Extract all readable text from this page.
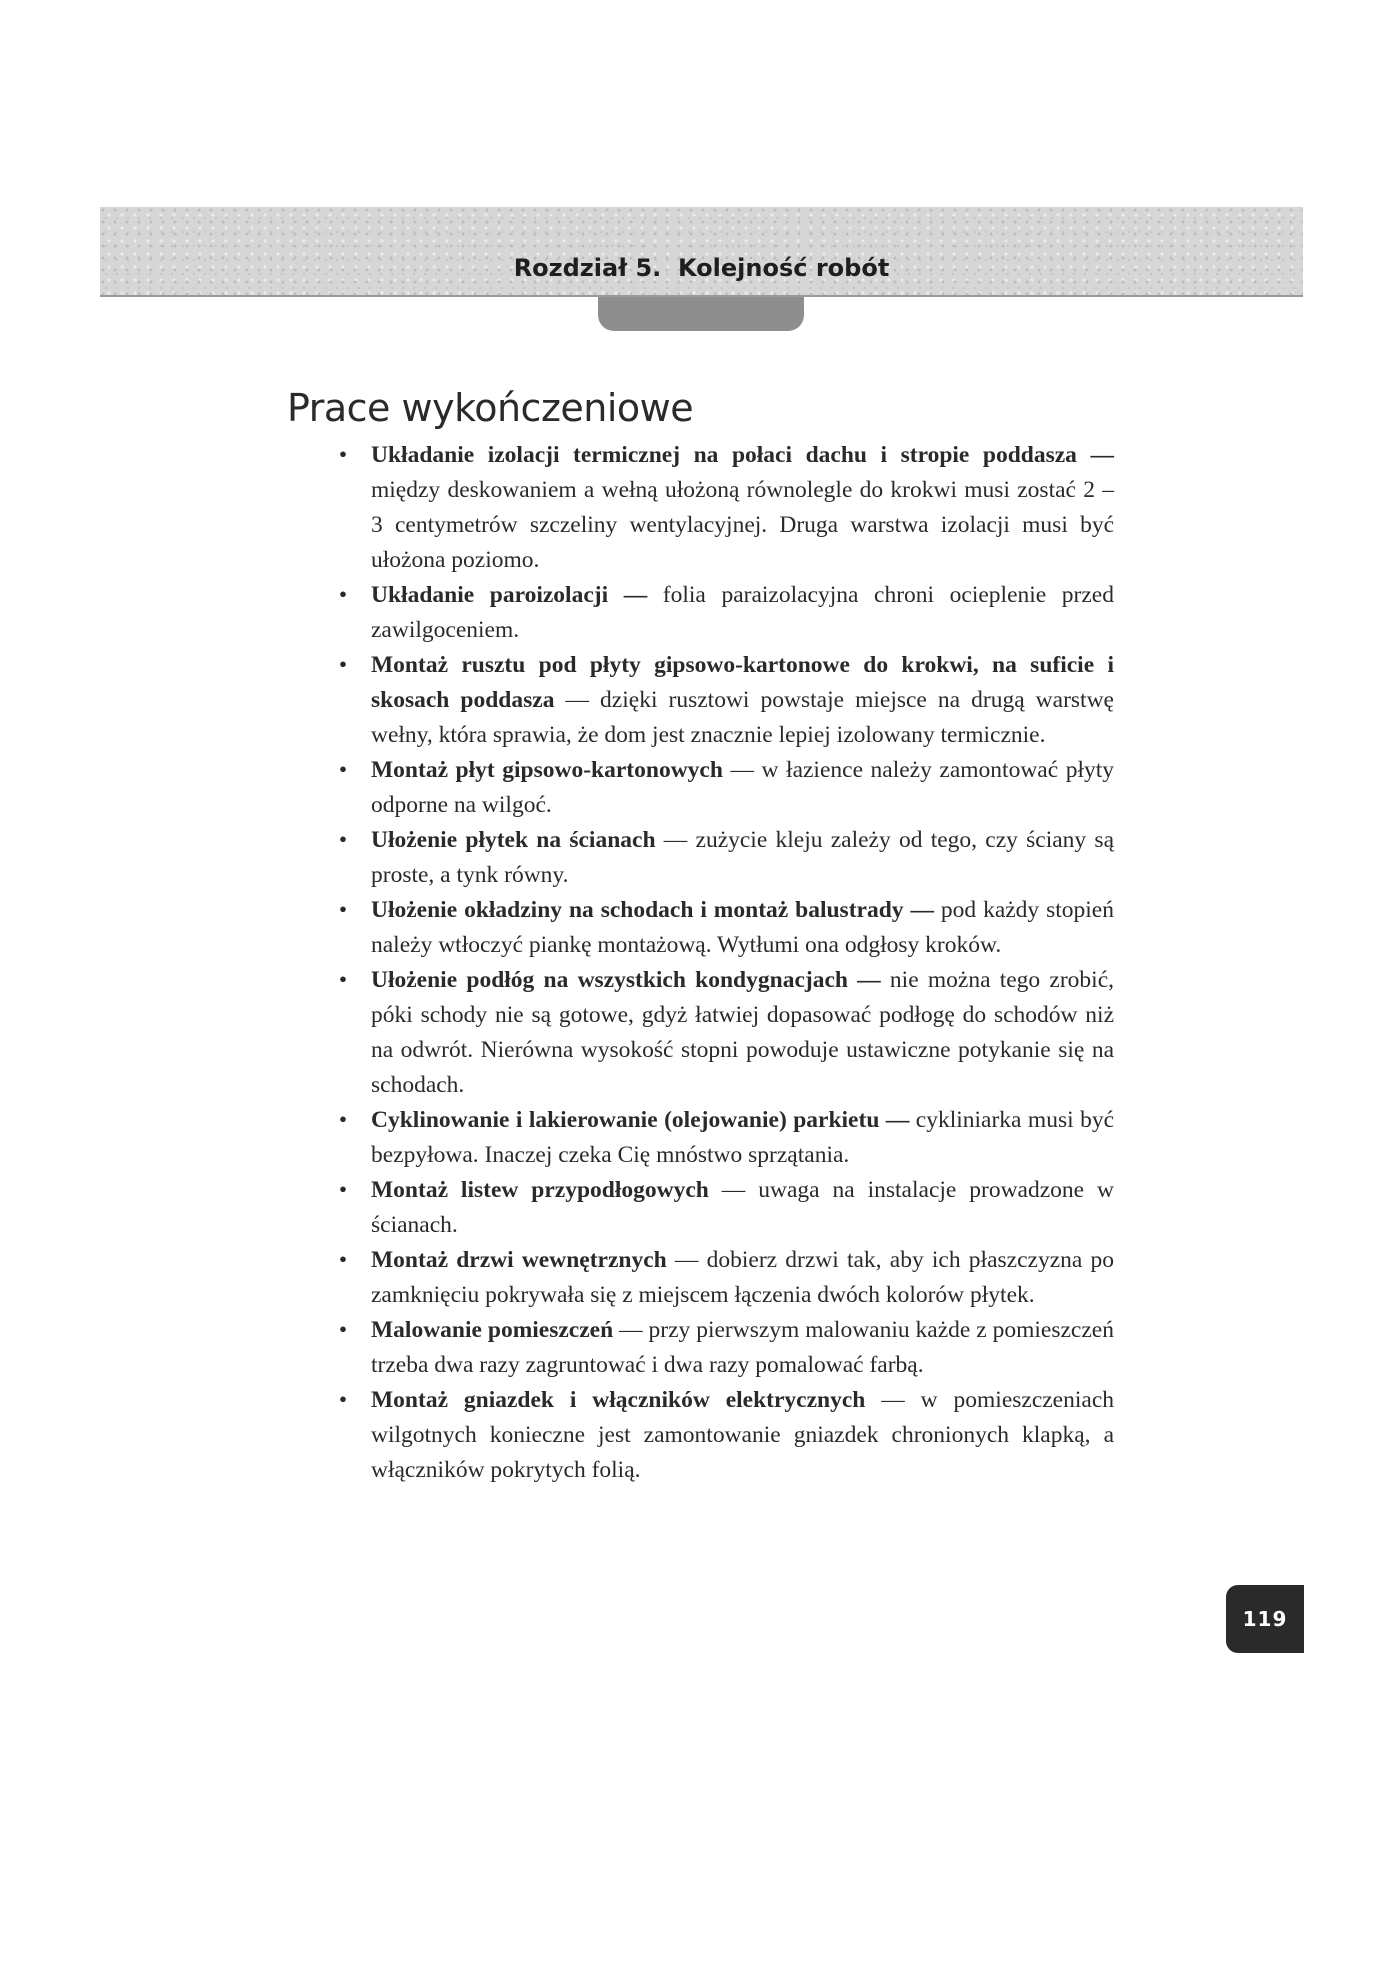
Rozdział 5.  Kolejność robót
Prace wykończeniowe
• Układanie izolacji termicznej na połaci dachu i stropie poddasza — między deskowaniem a wełną ułożoną równolegle do krokwi musi zostać 2 – 3 centymetrów szczeliny wentylacyjnej. Druga warstwa izolacji musi być ułożona poziomo.
• Układanie paroizolacji — folia paraizolacyjna chroni ocieplenie przed zawilgoceniem.
• Montaż rusztu pod płyty gipsowo-kartonowe do krokwi, na suficie i skosach poddasza — dzięki rusztowi powstaje miejsce na drugą warstwę wełny, która sprawia, że dom jest znacznie lepiej izolowany termicznie.
• Montaż płyt gipsowo-kartonowych — w łazience należy zamontować płyty odporne na wilgoć.
• Ułożenie płytek na ścianach — zużycie kleju zależy od tego, czy ściany są proste, a tynk równy.
• Ułożenie okładziny na schodach i montaż balustrady — pod każdy stopień należy wtłoczyć piankę montażową. Wytłumi ona odgłosy kroków.
• Ułożenie podłóg na wszystkich kondygnacjach — nie można tego zrobić, póki schody nie są gotowe, gdyż łatwiej dopasować podłogę do schodów niż na odwrót. Nierówna wysokość stopni powoduje ustawiczne potykanie się na schodach.
• Cyklinowanie i lakierowanie (olejowanie) parkietu — cykliniarka musi być bezpyłowa. Inaczej czeka Cię mnóstwo sprzątania.
• Montaż listew przypodłogowych — uwaga na instalacje prowadzone w ścianach.
• Montaż drzwi wewnętrznych — dobierz drzwi tak, aby ich płaszczyzna po zamknięciu pokrywała się z miejscem łączenia dwóch kolorów płytek.
• Malowanie pomieszczeń — przy pierwszym malowaniu każde z pomieszczeń trzeba dwa razy zagruntować i dwa razy pomalować farbą.
• Montaż gniazdek i włączników elektrycznych — w pomieszczeniach wilgotnych konieczne jest zamontowanie gniazdek chronionych klapką, a włączników pokrytych folią.
119
